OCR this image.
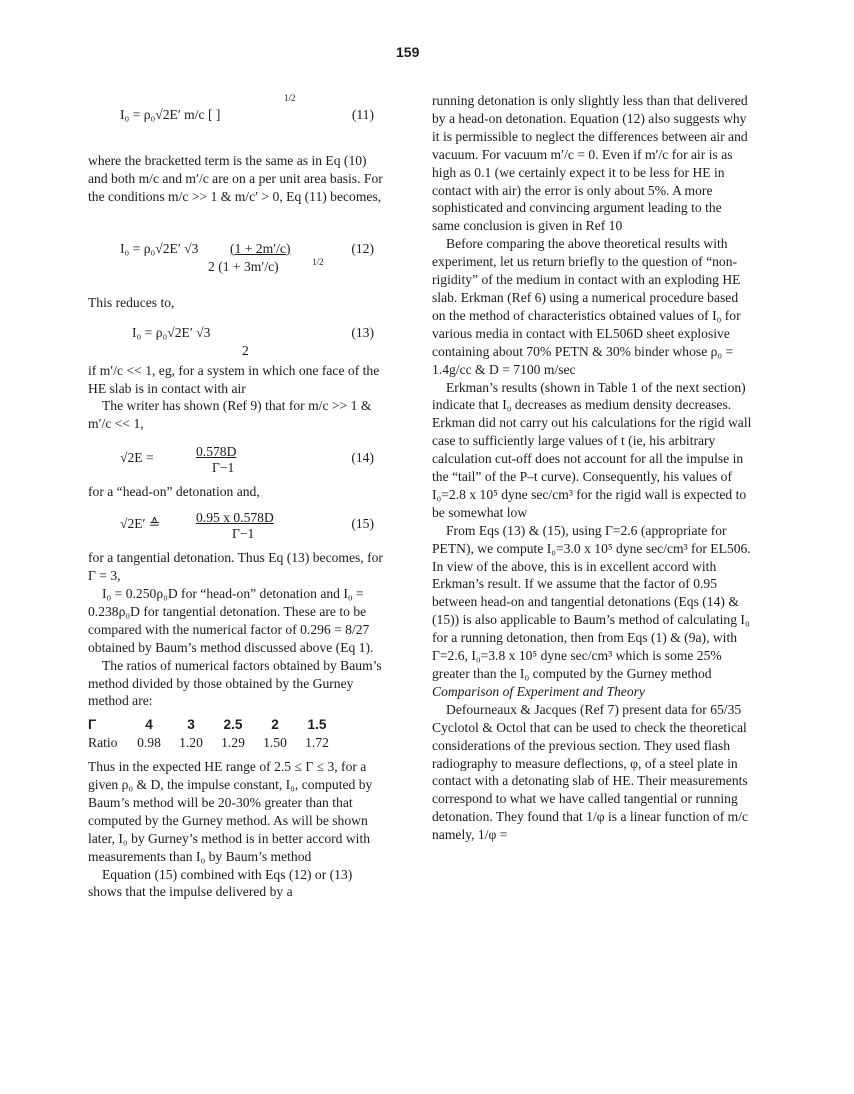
159
I₀ = ρ₀√2E′ m/c [ ]
1/2
(11)

where the bracketted term is the same as in Eq (10) and both m/c and m′/c are on a per unit area basis. For the conditions m/c >> 1 & m/c′ > 0, Eq (11) becomes,

I₀ = ρ₀√2E′ √3 (1 + 2m′/c)
2 (1 + 3m′/c)	1/2
(12)

This reduces to,

I₀ = ρ₀√2E′ √3
2
(13)

if m′/c << 1, eg, for a system in which one face of the HE slab is in contact with air

The writer has shown (Ref 9) that for m/c >> 1 & m′/c << 1,

√2E =	0.578D
Γ−1
(14)

for a “head-on” detonation and,

√2E′ ≙	0.95 x 0.578D
Γ−1
(15)

for a tangential detonation. Thus Eq (13) becomes, for Γ = 3,

I₀ = 0.250ρ₀D for “head-on” detonation and I₀ = 0.238ρ₀D for tangential detonation. These are to be compared with the numerical factor of 0.296 = 8/27 obtained by Baum’s method discussed above (Eq 1).

The ratios of numerical factors obtained by Baum’s method divided by those obtained by the Gurney method are:

Γ	4	3	2.5	2	1.5
Ratio	0.98	1.20	1.29	1.50	1.72

Thus in the expected HE range of 2.5 ≤ Γ ≤ 3, for a given ρ₀ & D, the impulse constant, I₀, computed by Baum’s method will be 20-30% greater than that computed by the Gurney method. As will be shown later, I₀ by Gurney’s method is in better accord with measurements than I₀ by Baum’s method

Equation (15) combined with Eqs (12) or (13) shows that the impulse delivered by a

running detonation is only slightly less than that delivered by a head-on detonation. Equation (12) also suggests why it is permissible to neglect the differences between air and vacuum. For vacuum m′/c = 0. Even if m′/c for air is as high as 0.1 (we certainly expect it to be less for HE in contact with air) the error is only about 5%. A more sophisticated and convincing argument leading to the same conclusion is given in Ref 10

Before comparing the above theoretical results with experiment, let us return briefly to the question of “non-rigidity” of the medium in contact with an exploding HE slab. Erkman (Ref 6) using a numerical procedure based on the method of characteristics obtained values of I₀ for various media in contact with EL506D sheet explosive containing about 70% PETN & 30% binder whose ρ₀ = 1.4g/cc & D = 7100 m/sec

Erkman’s results (shown in Table 1 of the next section) indicate that I₀ decreases as medium density decreases. Erkman did not carry out his calculations for the rigid wall case to sufficiently large values of t (ie, his arbitrary calculation cut-off does not account for all the impulse in the “tail” of the P–t curve). Consequently, his values of I₀=2.8 x 10⁵ dyne sec/cm³ for the rigid wall is expected to be somewhat low

From Eqs (13) & (15), using Γ=2.6 (appropriate for PETN), we compute I₀=3.0 x 10⁵ dyne sec/cm³ for EL506. In view of the above, this is in excellent accord with Erkman’s result. If we assume that the factor of 0.95 between head-on and tangential detonations (Eqs (14) & (15)) is also applicable to Baum’s method of calculating I₀ for a running detonation, then from Eqs (1) & (9a), with Γ=2.6, I₀=3.8 x 10⁵ dyne sec/cm³ which is some 25% greater than the I₀ computed by the Gurney method

Comparison of Experiment and Theory

Defourneaux & Jacques (Ref 7) present data for 65/35 Cyclotol & Octol that can be used to check the theoretical considerations of the previous section. They used flash radiography to measure deflections, φ, of a steel plate in contact with a detonating slab of HE. Their measurements correspond to what we have called tangential or running detonation. They found that 1/φ is a linear function of m/c namely, 1/φ =
